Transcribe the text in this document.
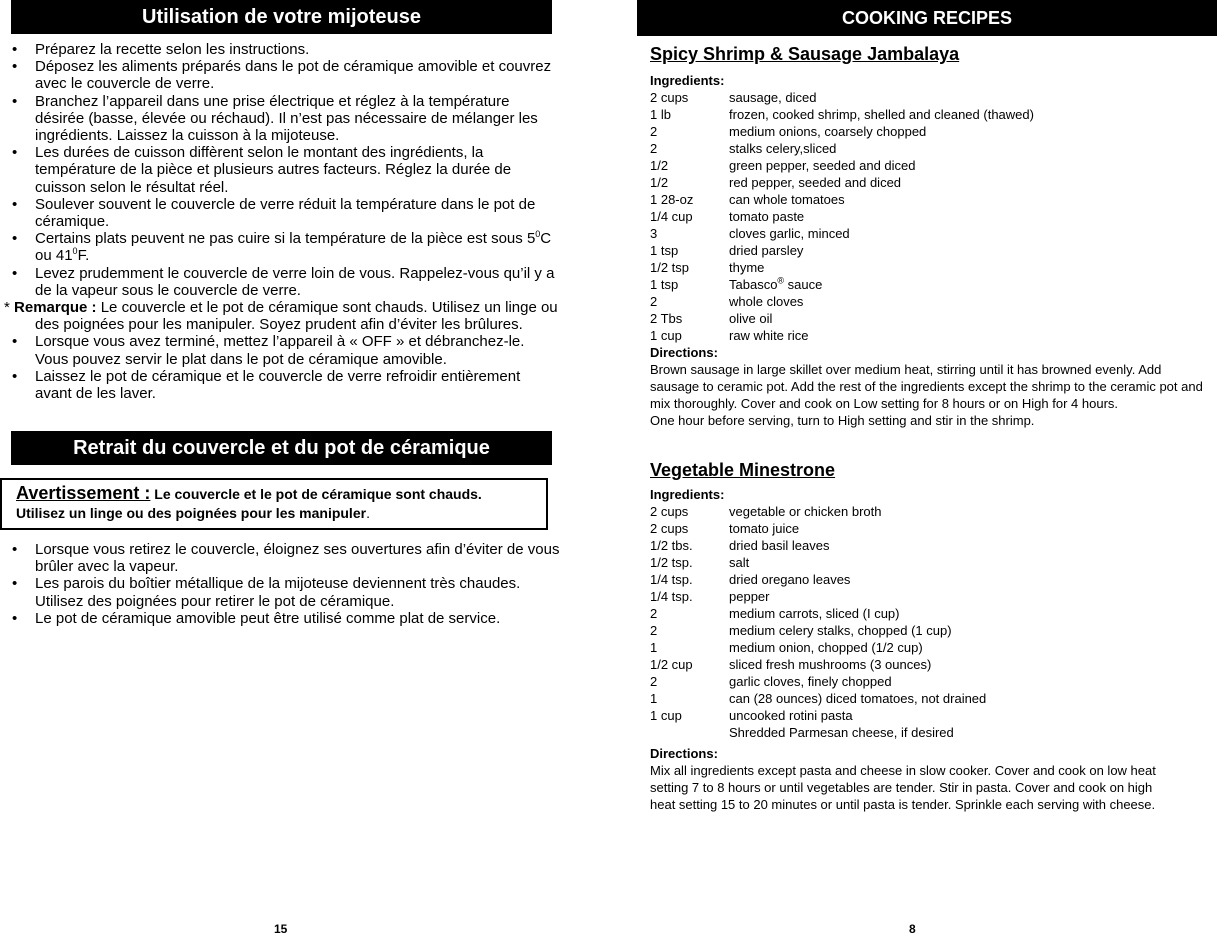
Utilisation de votre mijoteuse
• Préparez la recette selon les instructions.
• Déposez les aliments préparés dans le pot de céramique amovible et couvrez avec le couvercle de verre.
• Branchez l’appareil dans une prise électrique et réglez à la température désirée (basse, élevée ou réchaud). Il n’est pas nécessaire de mélanger les ingrédients. Laissez la cuisson à la mijoteuse.
• Les durées de cuisson diffèrent selon le montant des ingrédients, la température de la pièce et plusieurs autres facteurs. Réglez la durée de cuisson selon le résultat réel.
• Soulever souvent le couvercle de verre réduit la température dans le pot de céramique.
• Certains plats peuvent ne pas cuire si la température de la pièce est sous $5^0C$ ou $41^0F$.
• Levez prudemment le couvercle de verre loin de vous. Rappelez-vous qu’il y a de la vapeur sous le couvercle de verre.
* Remarque : Le couvercle et le pot de céramique sont chauds. Utilisez un linge ou des poignées pour les manipuler. Soyez prudent afin d’éviter les brûlures.
• Lorsque vous avez terminé, mettez l’appareil à « OFF » et débranchez-le. Vous pouvez servir le plat dans le pot de céramique amovible.
• Laissez le pot de céramique et le couvercle de verre refroidir entièrement avant de les laver.
Retrait du couvercle et du pot de céramique
Avertissement : Le couvercle et le pot de céramique sont chauds.
Utilisez un linge ou des poignées pour les manipuler.
• Lorsque vous retirez le couvercle, éloignez ses ouvertures afin d’éviter de vous brûler avec la vapeur.
• Les parois du boîtier métallique de la mijoteuse deviennent très chaudes. Utilisez des poignées pour retirer le pot de céramique.
• Le pot de céramique amovible peut être utilisé comme plat de service.
15
COOKING RECIPES
Spicy Shrimp & Sausage Jambalaya
Ingredients:
2 cups	sausage, diced
1 lb	frozen, cooked shrimp, shelled and cleaned (thawed)
2	medium onions, coarsely chopped
2	stalks celery,sliced
1/2	green pepper, seeded and diced
1/2	red pepper, seeded and diced
1 28-oz	can whole tomatoes
1/4 cup	tomato paste
3	cloves garlic, minced
1 tsp	dried parsley
1/2 tsp	thyme
1 tsp	Tabasco® sauce
2	whole cloves
2 Tbs	olive oil
1 cup	raw white rice
Directions:
Brown sausage in large skillet over medium heat, stirring until it has browned evenly. Add sausage to ceramic pot. Add the rest of the ingredients except the shrimp to the ceramic pot and mix thoroughly. Cover and cook on Low setting for 8 hours or on High for 4 hours.
One hour before serving, turn to High setting and stir in the shrimp.
Vegetable Minestrone
Ingredients:
2 cups	vegetable or chicken broth
2 cups	tomato juice
1/2 tbs.	dried basil leaves
1/2 tsp.	salt
1/4 tsp.	dried oregano leaves
1/4 tsp.	pepper
2	medium carrots, sliced (I cup)
2	medium celery stalks, chopped (1 cup)
1	medium onion, chopped (1/2 cup)
1/2 cup	sliced fresh mushrooms (3 ounces)
2	garlic cloves, finely chopped
1	can (28 ounces) diced tomatoes, not drained
1 cup	uncooked rotini pasta
Shredded Parmesan cheese, if desired
Directions:
Mix all ingredients except pasta and cheese in slow cooker. Cover and cook on low heat setting 7 to 8 hours or until vegetables are tender. Stir in pasta. Cover and cook on high heat setting 15 to 20 minutes or until pasta is tender. Sprinkle each serving with cheese.
8
